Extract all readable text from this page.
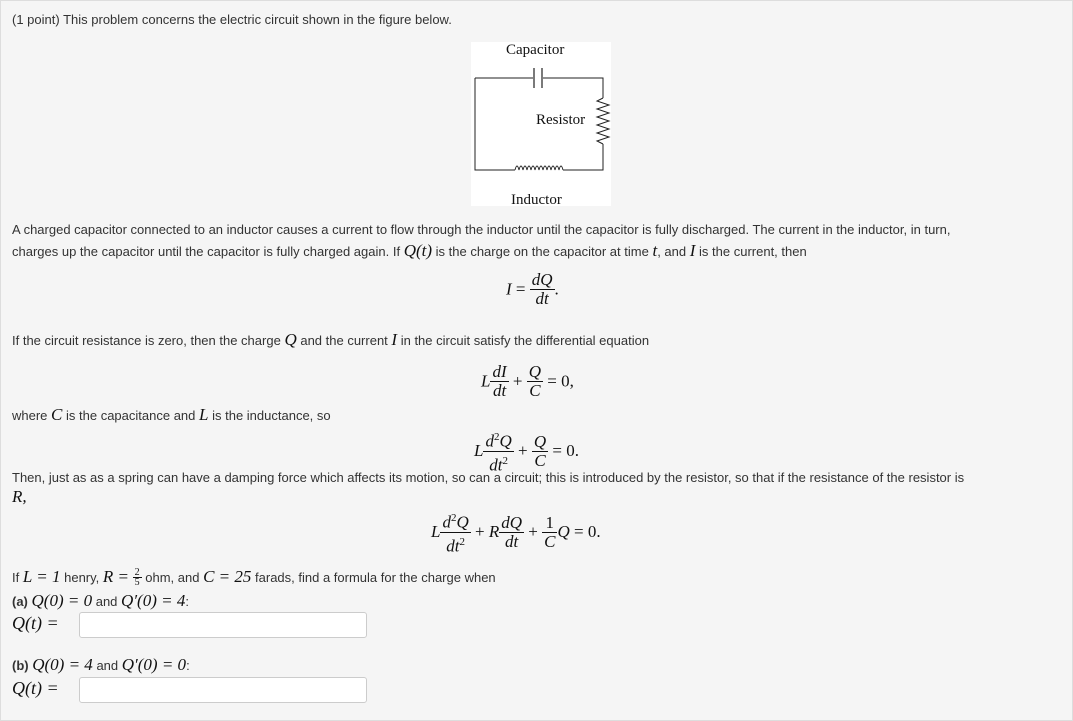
(1 point) This problem concerns the electric circuit shown in the figure below.
Capacitor
Resistor
Inductor
A charged capacitor connected to an inductor causes a current to flow through the inductor until the capacitor is fully discharged. The current in the inductor, in turn,
charges up the capacitor until the capacitor is fully charged again. If Q(t) is the charge on the capacitor at time t, and I is the current, then
$I = \frac{dQ}{dt}$ .
If the circuit resistance is zero, then the charge Q and the current I in the circuit satisfy the differential equation
L $\frac{dI}{dt} + \frac{Q}{C} = 0$,
where C is the capacitance and L is the inductance, so
L $\frac{d^2Q}{dt^2} + \frac{Q}{C} = 0$.
Then, just as as a spring can have a damping force which affects its motion, so can a circuit; this is introduced by the resistor, so that if the resistance of the resistor is
R,
L $\frac{d^2Q}{dt^2} + R \frac{dQ}{dt} + \frac{1}{C}$ Q = 0.
If L = 1 henry, $R = \frac{2}{5}$ ohm, and C = 25 farads, find a formula for the charge when
(a) Q(0) = 0 and Q′(0) = 4:
Q(t) =
(b) Q(0) = 4 and Q′(0) = 0:
Q(t) =
